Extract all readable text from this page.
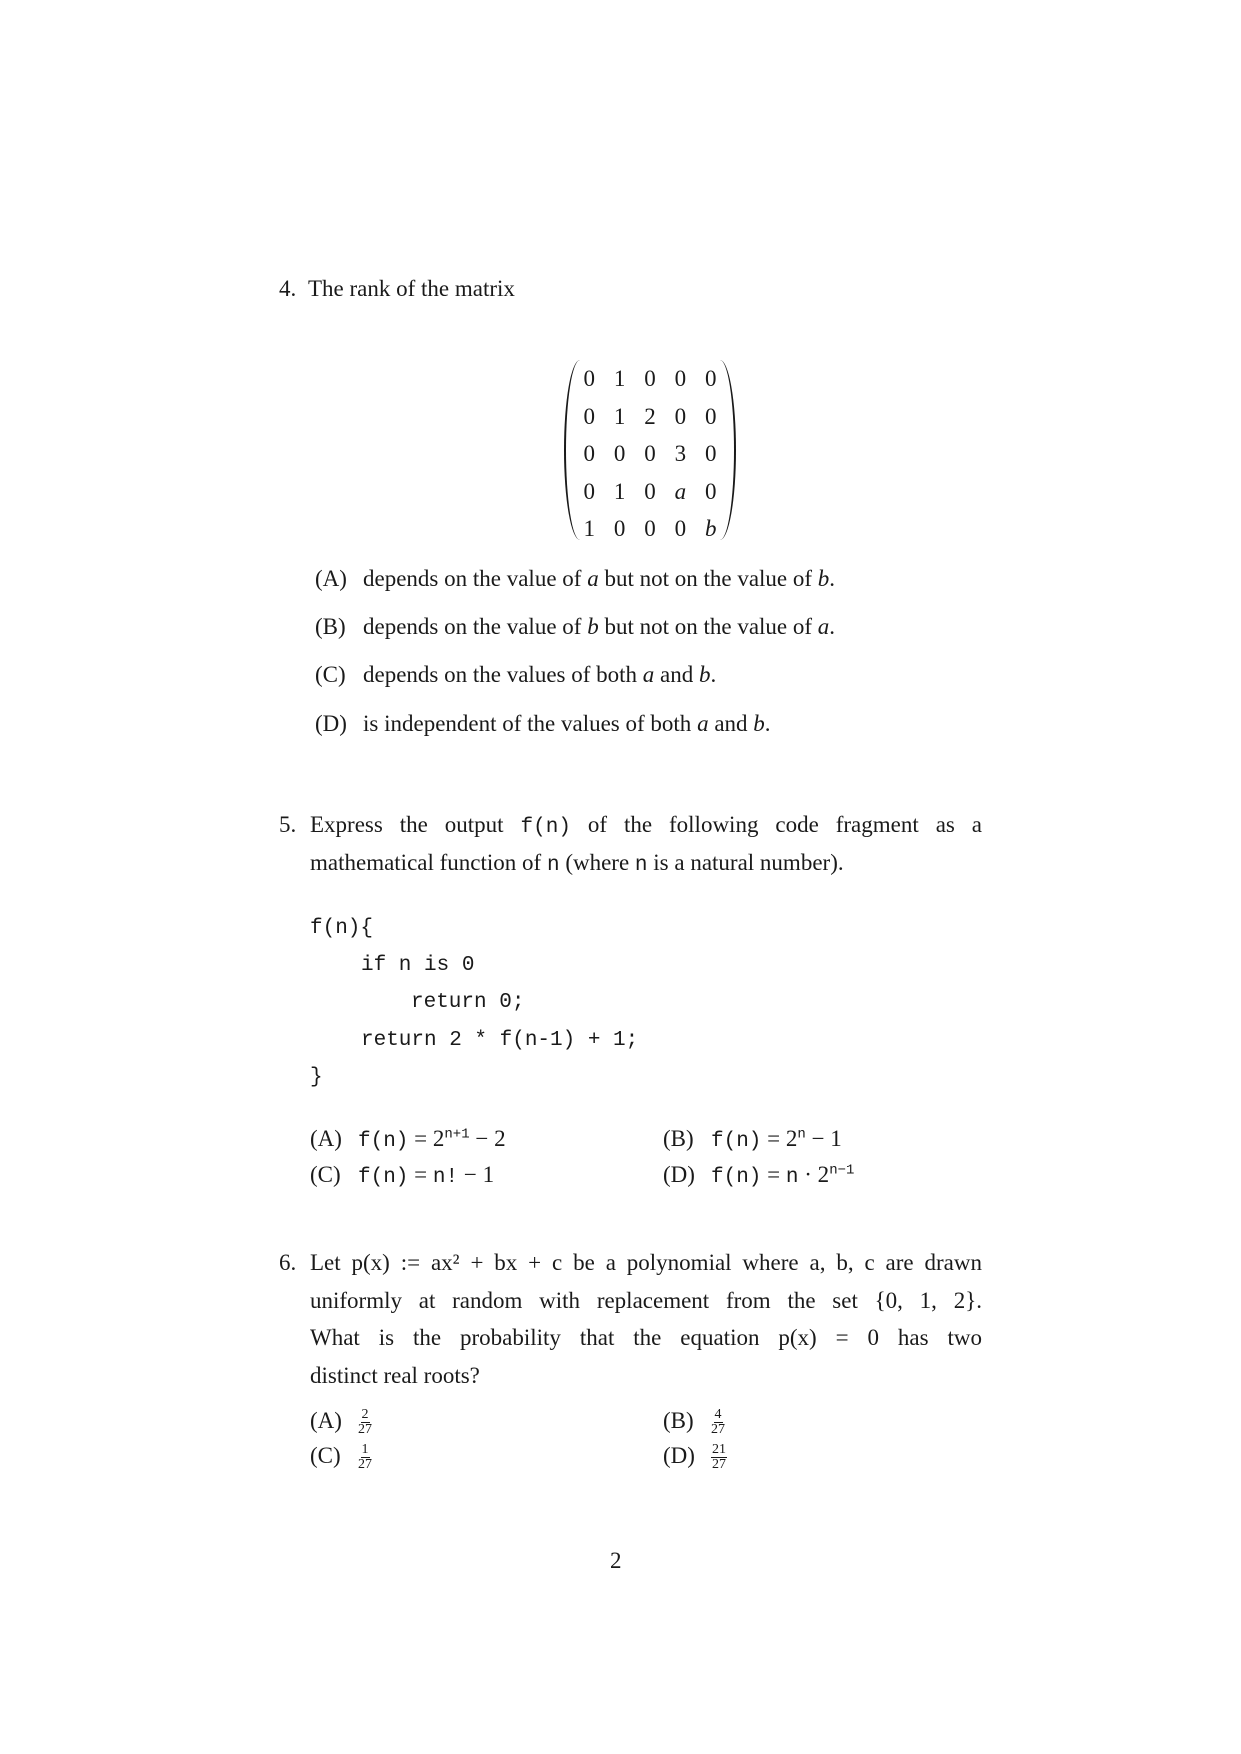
4. The rank of the matrix
0 1 0 0 0
0 1 2 0 0
0 0 0 3 0
0 1 0 a 0
1 0 0 0 b
(A) depends on the value of a but not on the value of b.
(B) depends on the value of b but not on the value of a.
(C) depends on the values of both a and b.
(D) is independent of the values of both a and b.
5. Express the output f(n) of the following code fragment as a
mathematical function of n (where n is a natural number).
f(n){
if n is 0
return 0;
return 2 * f(n-1) + 1;
}
(A) $f(n) = 2^{n+1} - 2$	(B) $f(n) = 2^n - 1$
(C) f(n) = n! − 1	(D) $f(n) = n \cdot 2^{n-1}$
6. Let p(x) := ax² + bx + c be a polynomial where a, b, c are drawn
uniformly at random with replacement from the set {0, 1, 2}.
What is the probability that the equation p(x) = 0 has two
distinct real roots?
$(A) \frac{2}{27}$	$(B) \frac{4}{27}$
$(C) \frac{1}{27}$	$(D) \frac{21}{27}$
2
